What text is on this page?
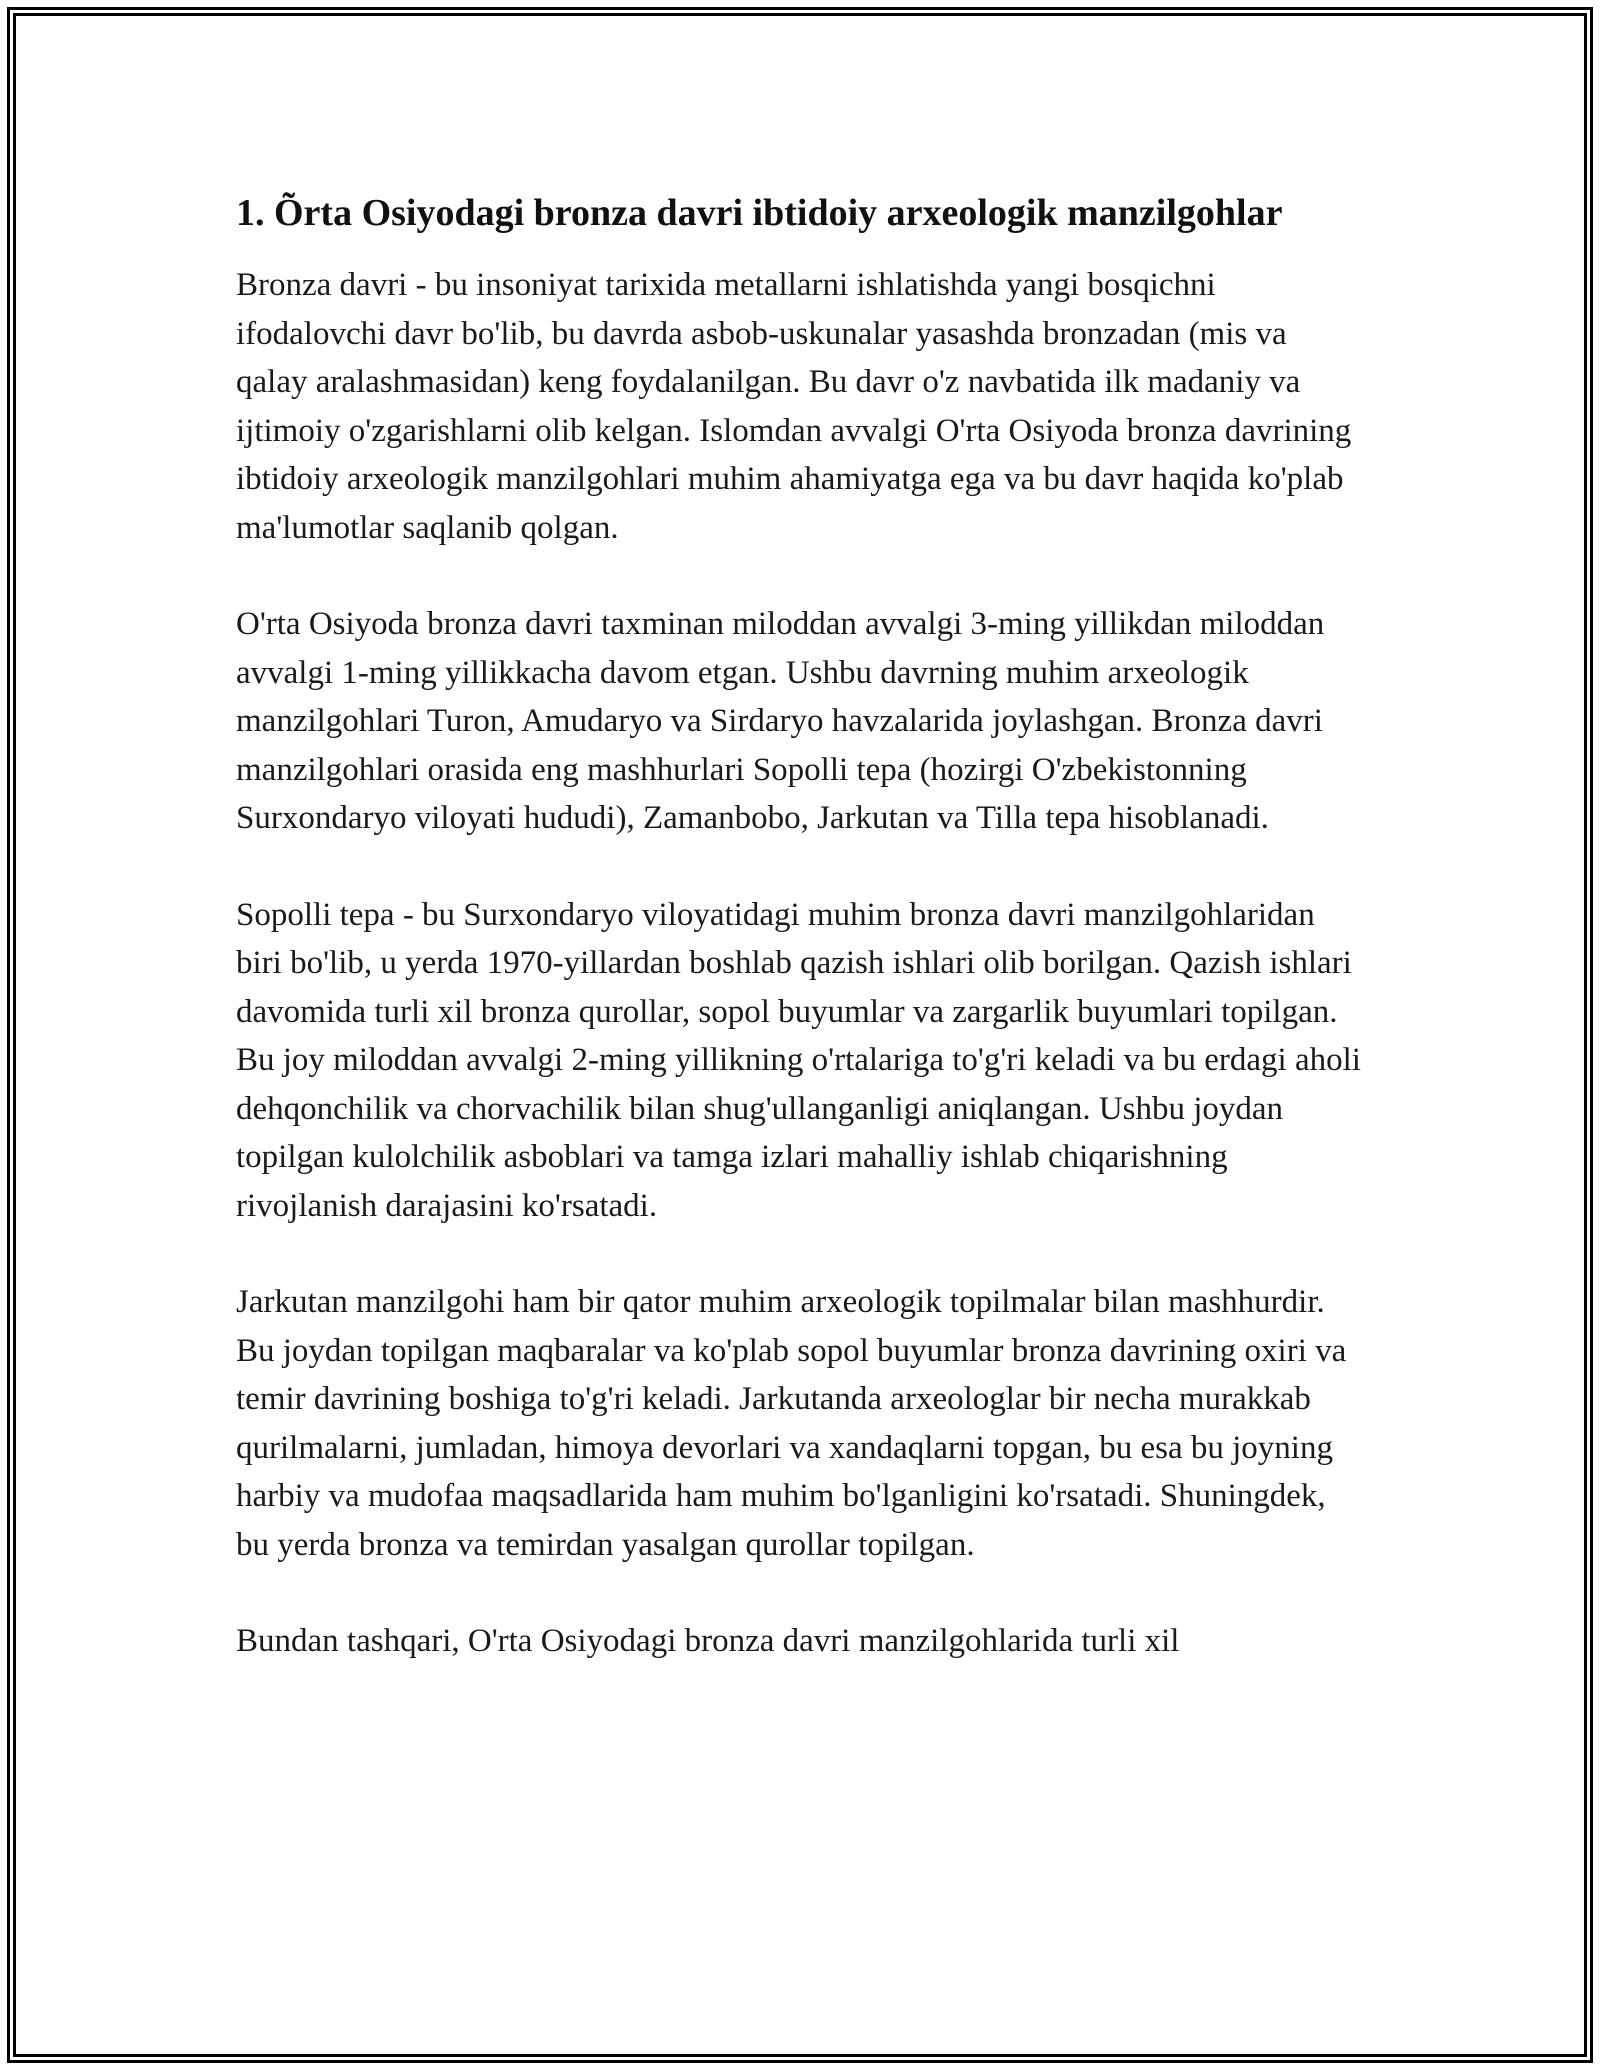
1. Õrta Osiyodagi bronza davri ibtidoiy arxeologik manzilgohlar

Bronza davri - bu insoniyat tarixida metallarni ishlatishda yangi bosqichni ifodalovchi davr bo'lib, bu davrda asbob-uskunalar yasashda bronzadan (mis va qalay aralashmasidan) keng foydalanilgan. Bu davr o'z navbatida ilk madaniy va ijtimoiy o'zgarishlarni olib kelgan. Islomdan avvalgi O'rta Osiyoda bronza davrining ibtidoiy arxeologik manzilgohlari muhim ahamiyatga ega va bu davr haqida ko'plab ma'lumotlar saqlanib qolgan.

O'rta Osiyoda bronza davri taxminan miloddan avvalgi 3-ming yillikdan miloddan avvalgi 1-ming yillikkacha davom etgan. Ushbu davrning muhim arxeologik manzilgohlari Turon, Amudaryo va Sirdaryo havzalarida joylashgan. Bronza davri manzilgohlari orasida eng mashhurlari Sopolli tepa (hozirgi O'zbekistonning Surxondaryo viloyati hududi), Zamanbobo, Jarkutan va Tilla tepa hisoblanadi.

Sopolli tepa - bu Surxondaryo viloyatidagi muhim bronza davri manzilgohlaridan biri bo'lib, u yerda 1970-yillardan boshlab qazish ishlari olib borilgan. Qazish ishlari davomida turli xil bronza qurollar, sopol buyumlar va zargarlik buyumlari topilgan. Bu joy miloddan avvalgi 2-ming yillikning o'rtalariga to'g'ri keladi va bu erdagi aholi dehqonchilik va chorvachilik bilan shug'ullanganligi aniqlangan. Ushbu joydan topilgan kulolchilik asboblari va tamga izlari mahalliy ishlab chiqarishning rivojlanish darajasini ko'rsatadi.

Jarkutan manzilgohi ham bir qator muhim arxeologik topilmalar bilan mashhurdir. Bu joydan topilgan maqbaralar va ko'plab sopol buyumlar bronza davrining oxiri va temir davrining boshiga to'g'ri keladi. Jarkutanda arxeologlar bir necha murakkab qurilmalarni, jumladan, himoya devorlari va xandaqlarni topgan, bu esa bu joyning harbiy va mudofaa maqsadlarida ham muhim bo'lganligini ko'rsatadi. Shuningdek, bu yerda bronza va temirdan yasalgan qurollar topilgan.

Bundan tashqari, O'rta Osiyodagi bronza davri manzilgohlarida turli xil
